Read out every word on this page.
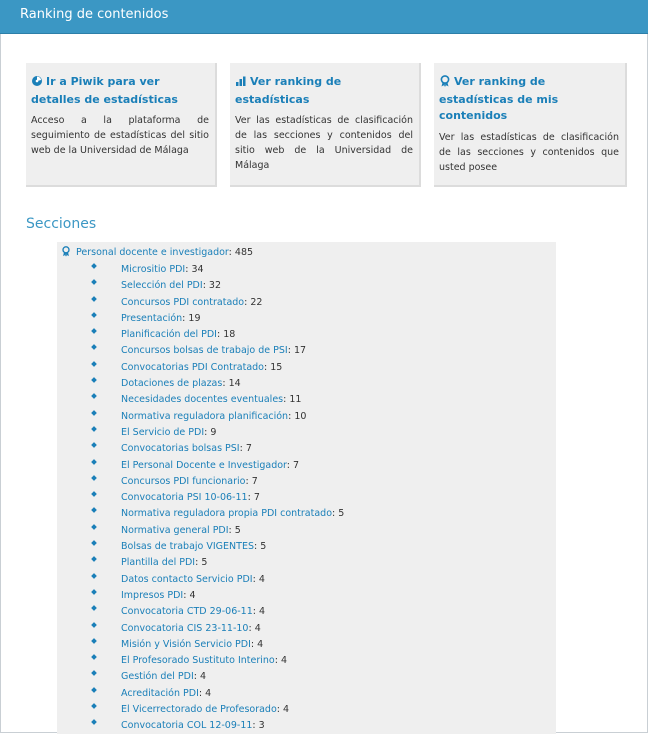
Ranking de contenidos
Ir a Piwik para ver detalles de estadísticas
Acceso a la plataforma de seguimiento de estadísticas del sitio web de la Universidad de Málaga
Ver ranking de estadísticas
Ver las estadísticas de clasificación de las secciones y contenidos del sitio web de la Universidad de Málaga
Ver ranking de estadísticas de mis contenidos
Ver las estadísticas de clasificación de las secciones y contenidos que usted posee
Secciones
Personal docente e investigador: 485
Micrositio PDI: 34
Selección del PDI: 32
Concursos PDI contratado: 22
Presentación: 19
Planificación del PDI: 18
Concursos bolsas de trabajo de PSI: 17
Convocatorias PDI Contratado: 15
Dotaciones de plazas: 14
Necesidades docentes eventuales: 11
Normativa reguladora planificación: 10
El Servicio de PDI: 9
Convocatorias bolsas PSI: 7
El Personal Docente e Investigador: 7
Concursos PDI funcionario: 7
Convocatoria PSI 10-06-11: 7
Normativa reguladora propia PDI contratado: 5
Normativa general PDI: 5
Bolsas de trabajo VIGENTES: 5
Plantilla del PDI: 5
Datos contacto Servicio PDI: 4
Impresos PDI: 4
Convocatoria CTD 29-06-11: 4
Convocatoria CIS 23-11-10: 4
Misión y Visión Servicio PDI: 4
El Profesorado Sustituto Interino: 4
Gestión del PDI: 4
Acreditación PDI: 4
El Vicerrectorado de Profesorado: 4
Convocatoria COL 12-09-11: 3
